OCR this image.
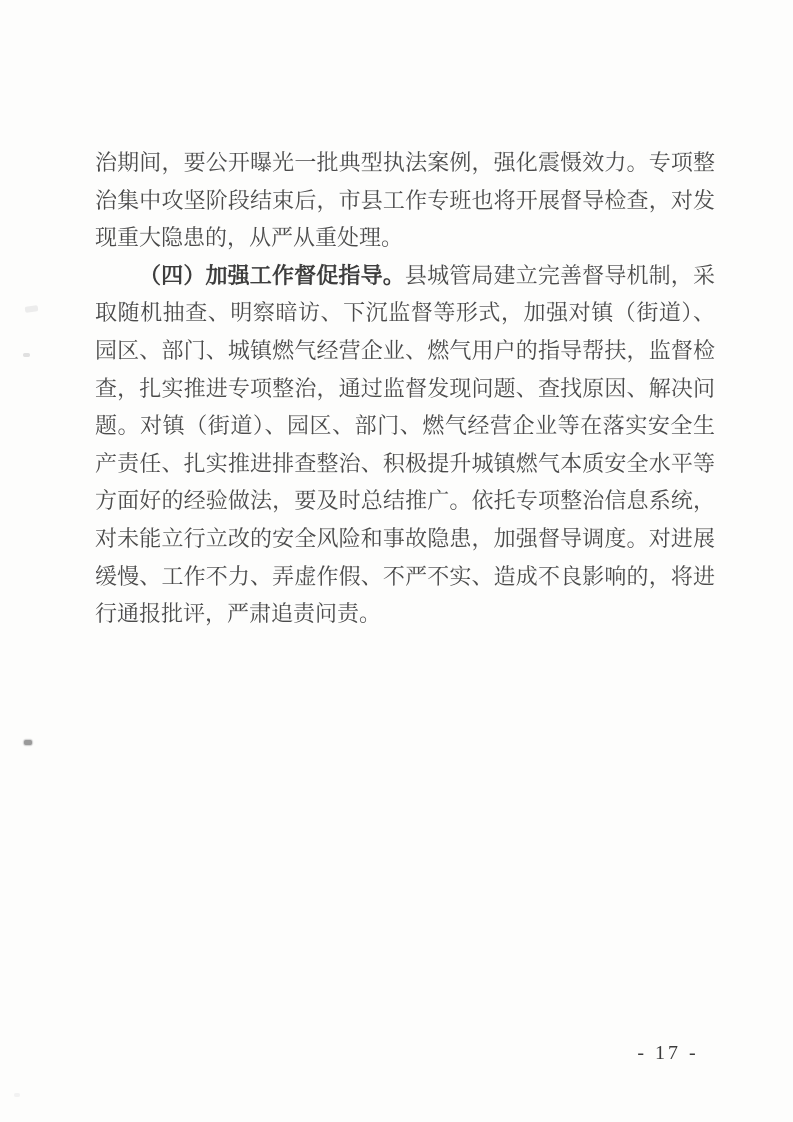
治期间，要公开曝光一批典型执法案例，强化震慑效力。专项整治集中攻坚阶段结束后，市县工作专班也将开展督导检查，对发现重大隐患的，从严从重处理。

（四）加强工作督促指导。县城管局建立完善督导机制，采取随机抽查、明察暗访、下沉监督等形式，加强对镇（街道）、园区、部门、城镇燃气经营企业、燃气用户的指导帮扶，监督检查，扎实推进专项整治，通过监督发现问题、查找原因、解决问题。对镇（街道）、园区、部门、燃气经营企业等在落实安全生产责任、扎实推进排查整治、积极提升城镇燃气本质安全水平等方面好的经验做法，要及时总结推广。依托专项整治信息系统，对未能立行立改的安全风险和事故隐患，加强督导调度。对进展缓慢、工作不力、弄虚作假、不严不实、造成不良影响的，将进行通报批评，严肃追责问责。

- 17 -
